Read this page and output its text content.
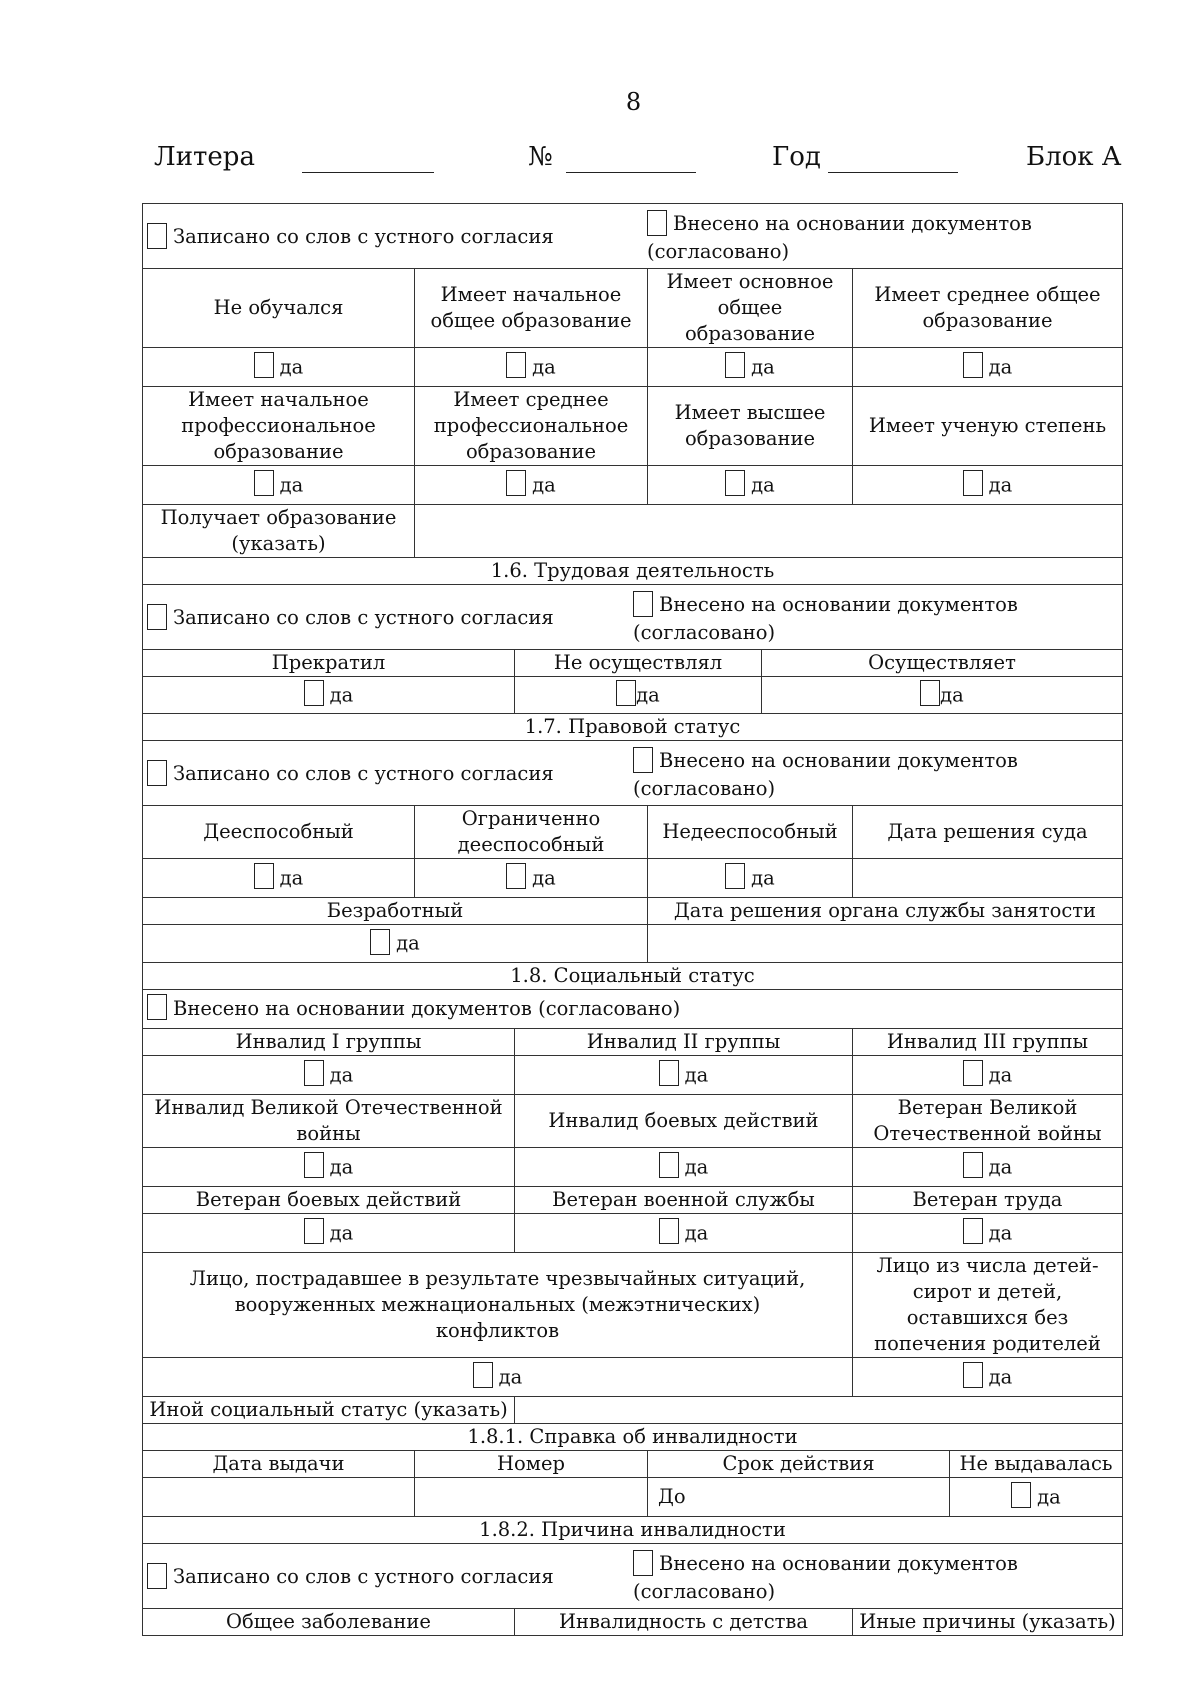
8
Литера	№	Год	Блок А
Записано со слов с устного согласия
Внесено на основании документов
(согласовано)						

Не обучался	Имеет начальное общее образование		Имеет основное общее образование		Имеет среднее общее образование	
да	да		да		да	
Имеет начальное профессиональное образование	Имеет среднее профессиональное образование		Имеет высшее образование		Имеет ученую степень	
да	да		да		да	
Получает образование (указать)						
1.6. Трудовая деятельность						

Записано со слов с устного согласия
Внесено на основании документов
(согласовано)						

Прекратил		Не осуществлял		Осуществляет		
да		да		да		
1.7. Правовой статус						

Записано со слов с устного согласия
Внесено на основании документов
(согласовано)						

Дееспособный	Ограниченно дееспособный		Недееспособный		Дата решения суда	
да	да		да			
Безработный			Дата решения органа службы занятости			
да						
1.8. Социальный статус						
Внесено на основании документов (согласовано)						
Инвалид I группы		Инвалид II группы			Инвалид III группы	
да		да			да	
Инвалид Великой Отечественной войны		Инвалид боевых действий			Ветеран Великой Отечественной войны	
да		да			да	
Ветеран боевых действий		Ветеран военной службы			Ветеран труда	
да		да			да	
Лицо, пострадавшее в результате чрезвычайных ситуаций, вооруженных межнациональных (межэтнических) конфликтов					Лицо из числа детей-сирот и детей, оставшихся без попечения родителей	
да					да	
Иной социальный статус (указать)						
1.8.1. Справка об инвалидности						
Дата выдачи	Номер		Срок действия			Не выдавалась
			До			да
1.8.2. Причина инвалидности						

Записано со слов с устного согласия
Внесено на основании документов
(согласовано)						

Общее заболевание		Инвалидность с детства			Иные причины (указать)	
